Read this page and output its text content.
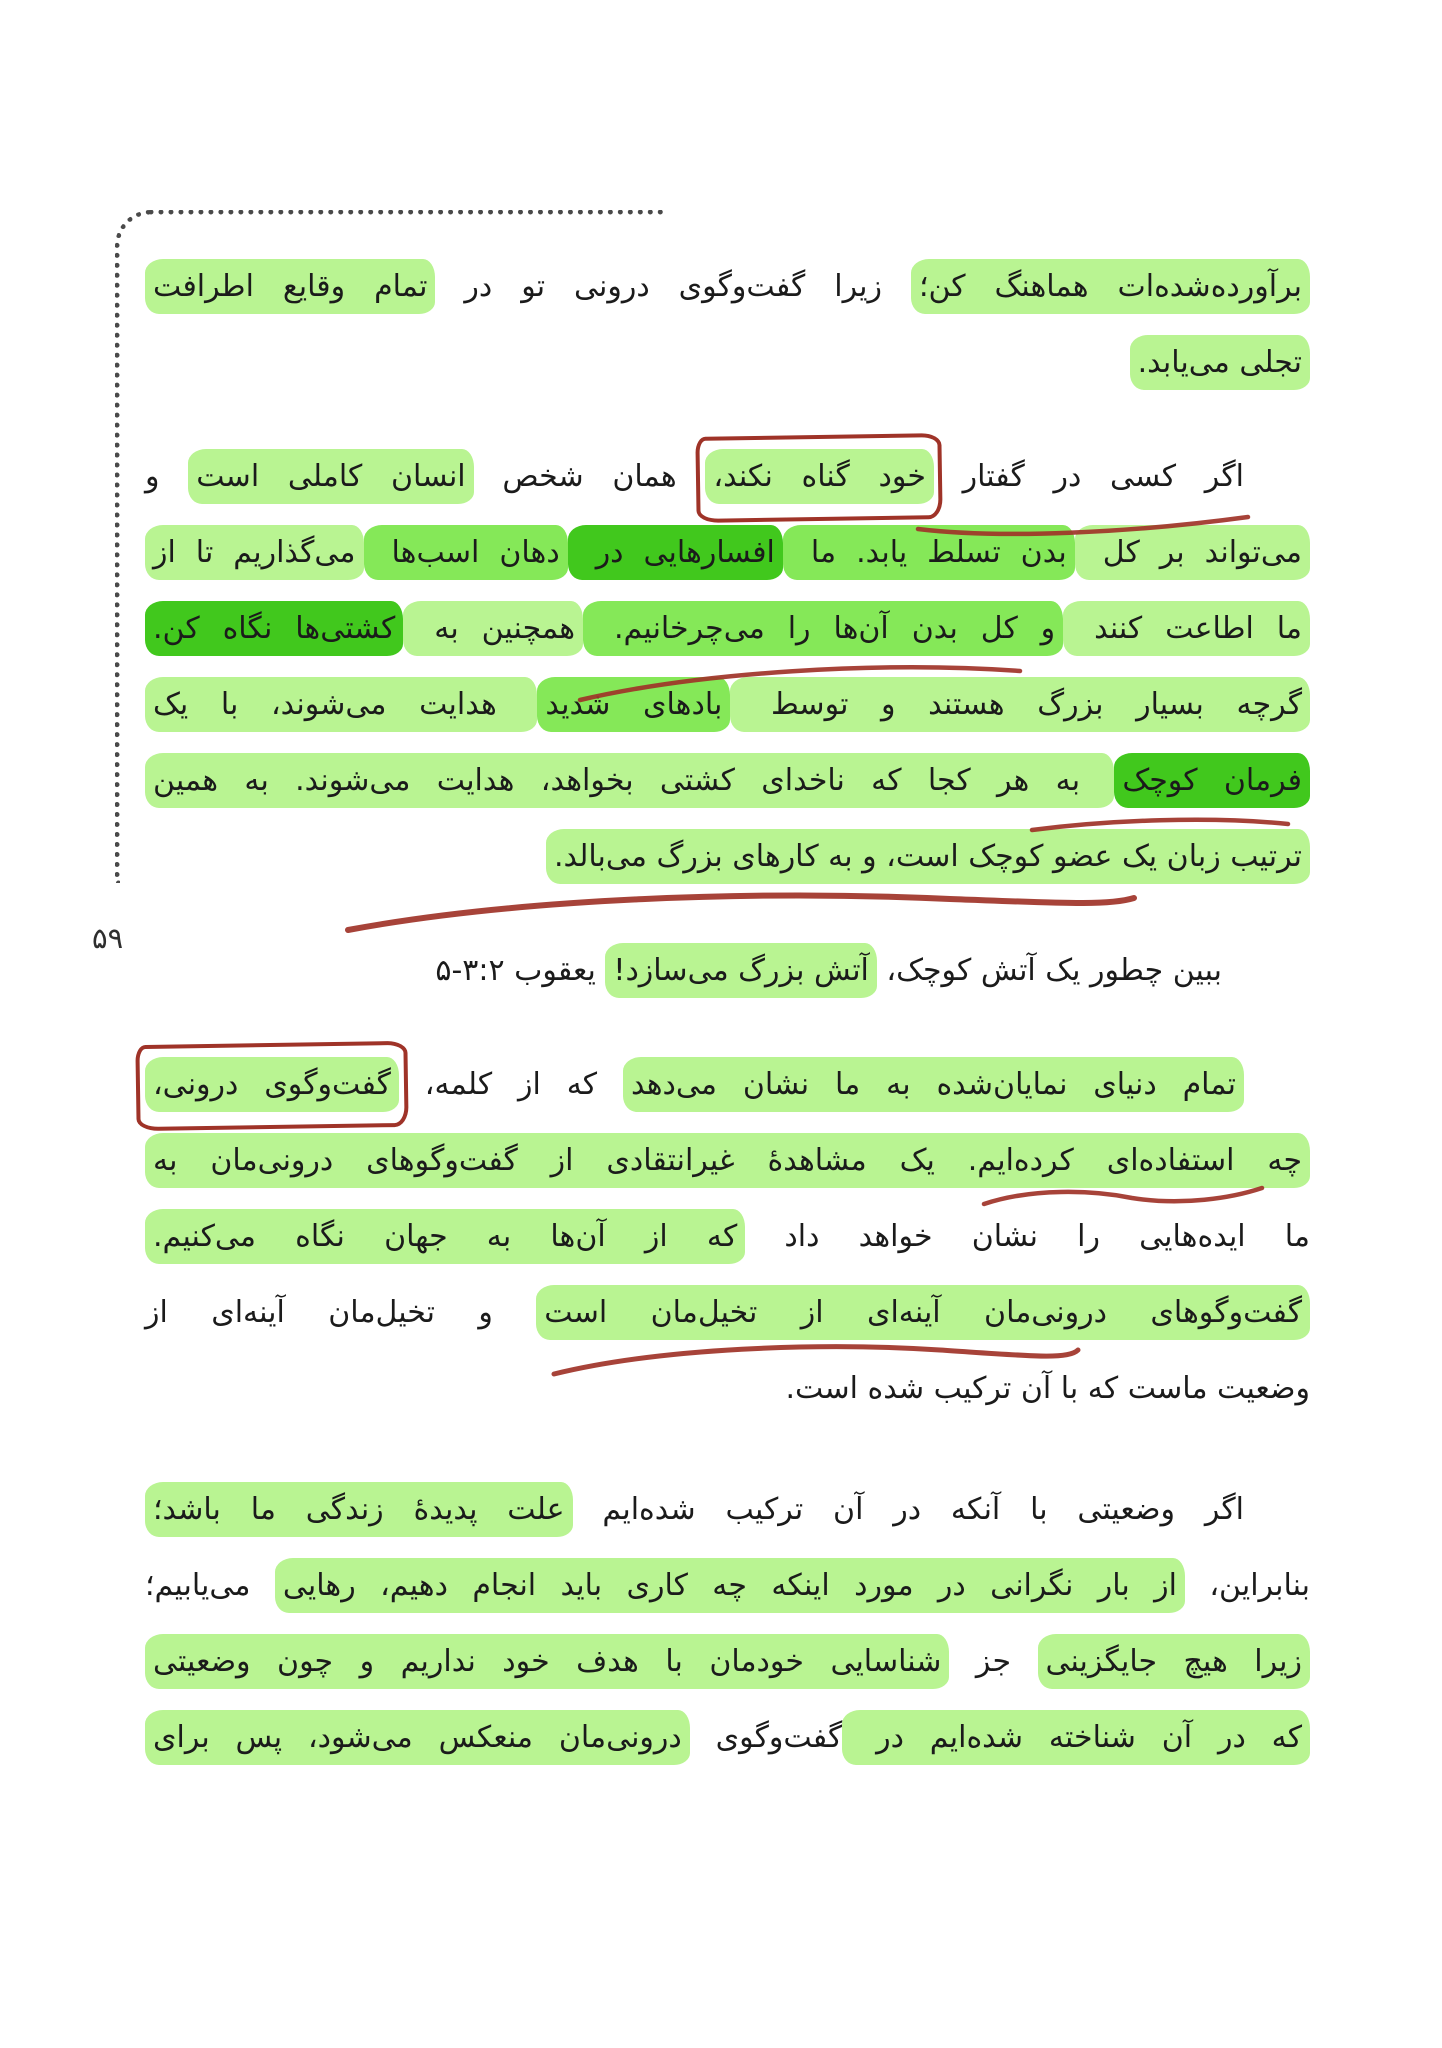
۵۹
برآورده‌شده‌ات هماهنگ کن؛ زیرا گفت‌وگوی درونی تو در تمام وقایع اطرافت
تجلی می‌یابد.
اگر کسی در گفتار خود گناه نکند، همان شخص انسان کاملی است و
می‌تواند بر کل بدن تسلط یابد. ما افسارهایی در دهان اسب‌ها می‌گذاریم تا از
ما اطاعت کنند و کل بدن آن‌ها را می‌چرخانیم. همچنین به کشتی‌ها نگاه کن.
گرچه بسیار بزرگ هستند و توسط بادهای شدید هدایت می‌شوند، با یک
فرمان کوچک به هر کجا که ناخدای کشتی بخواهد، هدایت می‌شوند. به همین
ترتیب زبان یک عضو کوچک است، و به کارهای بزرگ می‌بالد.
ببین چطور یک آتش کوچک، آتش بزرگ می‌سازد! یعقوب ۳:۲-۵
تمام دنیای نمایان‌شده به ما نشان می‌دهد که از کلمه، گفت‌وگوی درونی،
چه استفاده‌ای کرده‌ایم. یک مشاهدۀ غیرانتقادی از گفت‌وگوهای درونی‌مان به
ما ایده‌هایی را نشان خواهد داد که از آن‌ها به جهان نگاه می‌کنیم.
گفت‌وگوهای درونی‌مان آینه‌ای از تخیل‌مان است و تخیل‌مان آینه‌ای از
وضعیت ماست که با آن ترکیب شده است.
اگر وضعیتی با آنکه در آن ترکیب شده‌ایم علت پدیدۀ زندگی ما باشد؛
بنابراین، از بار نگرانی در مورد اینکه چه کاری باید انجام دهیم، رهایی می‌یابیم؛
زیرا هیچ جایگزینی جز شناسایی خودمان با هدف خود نداریم و چون وضعیتی
که در آن شناخته شده‌ایم در گفت‌وگوی درونی‌مان منعکس می‌شود، پس برای
